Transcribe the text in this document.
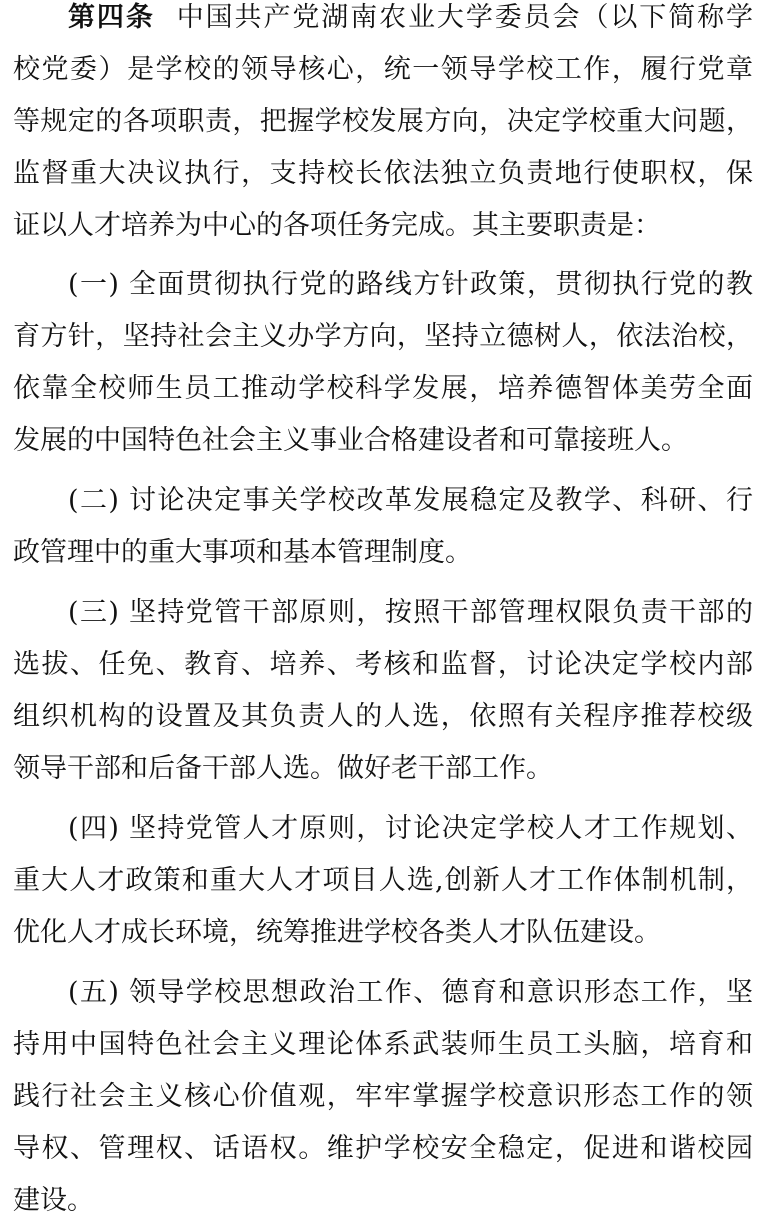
第四条 中国共产党湖南农业大学委员会（以下简称学
校党委）是学校的领导核心，统一领导学校工作，履行党章
等规定的各项职责，把握学校发展方向，决定学校重大问题，
监督重大决议执行，支持校长依法独立负责地行使职权，保
证以人才培养为中心的各项任务完成。其主要职责是：
(一) 全面贯彻执行党的路线方针政策，贯彻执行党的教
育方针，坚持社会主义办学方向，坚持立德树人，依法治校，
依靠全校师生员工推动学校科学发展，培养德智体美劳全面
发展的中国特色社会主义事业合格建设者和可靠接班人。
(二) 讨论决定事关学校改革发展稳定及教学、科研、行
政管理中的重大事项和基本管理制度。
(三) 坚持党管干部原则，按照干部管理权限负责干部的
选拔、任免、教育、培养、考核和监督，讨论决定学校内部
组织机构的设置及其负责人的人选，依照有关程序推荐校级
领导干部和后备干部人选。做好老干部工作。
(四) 坚持党管人才原则，讨论决定学校人才工作规划、
重大人才政策和重大人才项目人选,创新人才工作体制机制，
优化人才成长环境，统筹推进学校各类人才队伍建设。
(五) 领导学校思想政治工作、德育和意识形态工作，坚
持用中国特色社会主义理论体系武装师生员工头脑，培育和
践行社会主义核心价值观，牢牢掌握学校意识形态工作的领
导权、管理权、话语权。维护学校安全稳定，促进和谐校园
建设。
